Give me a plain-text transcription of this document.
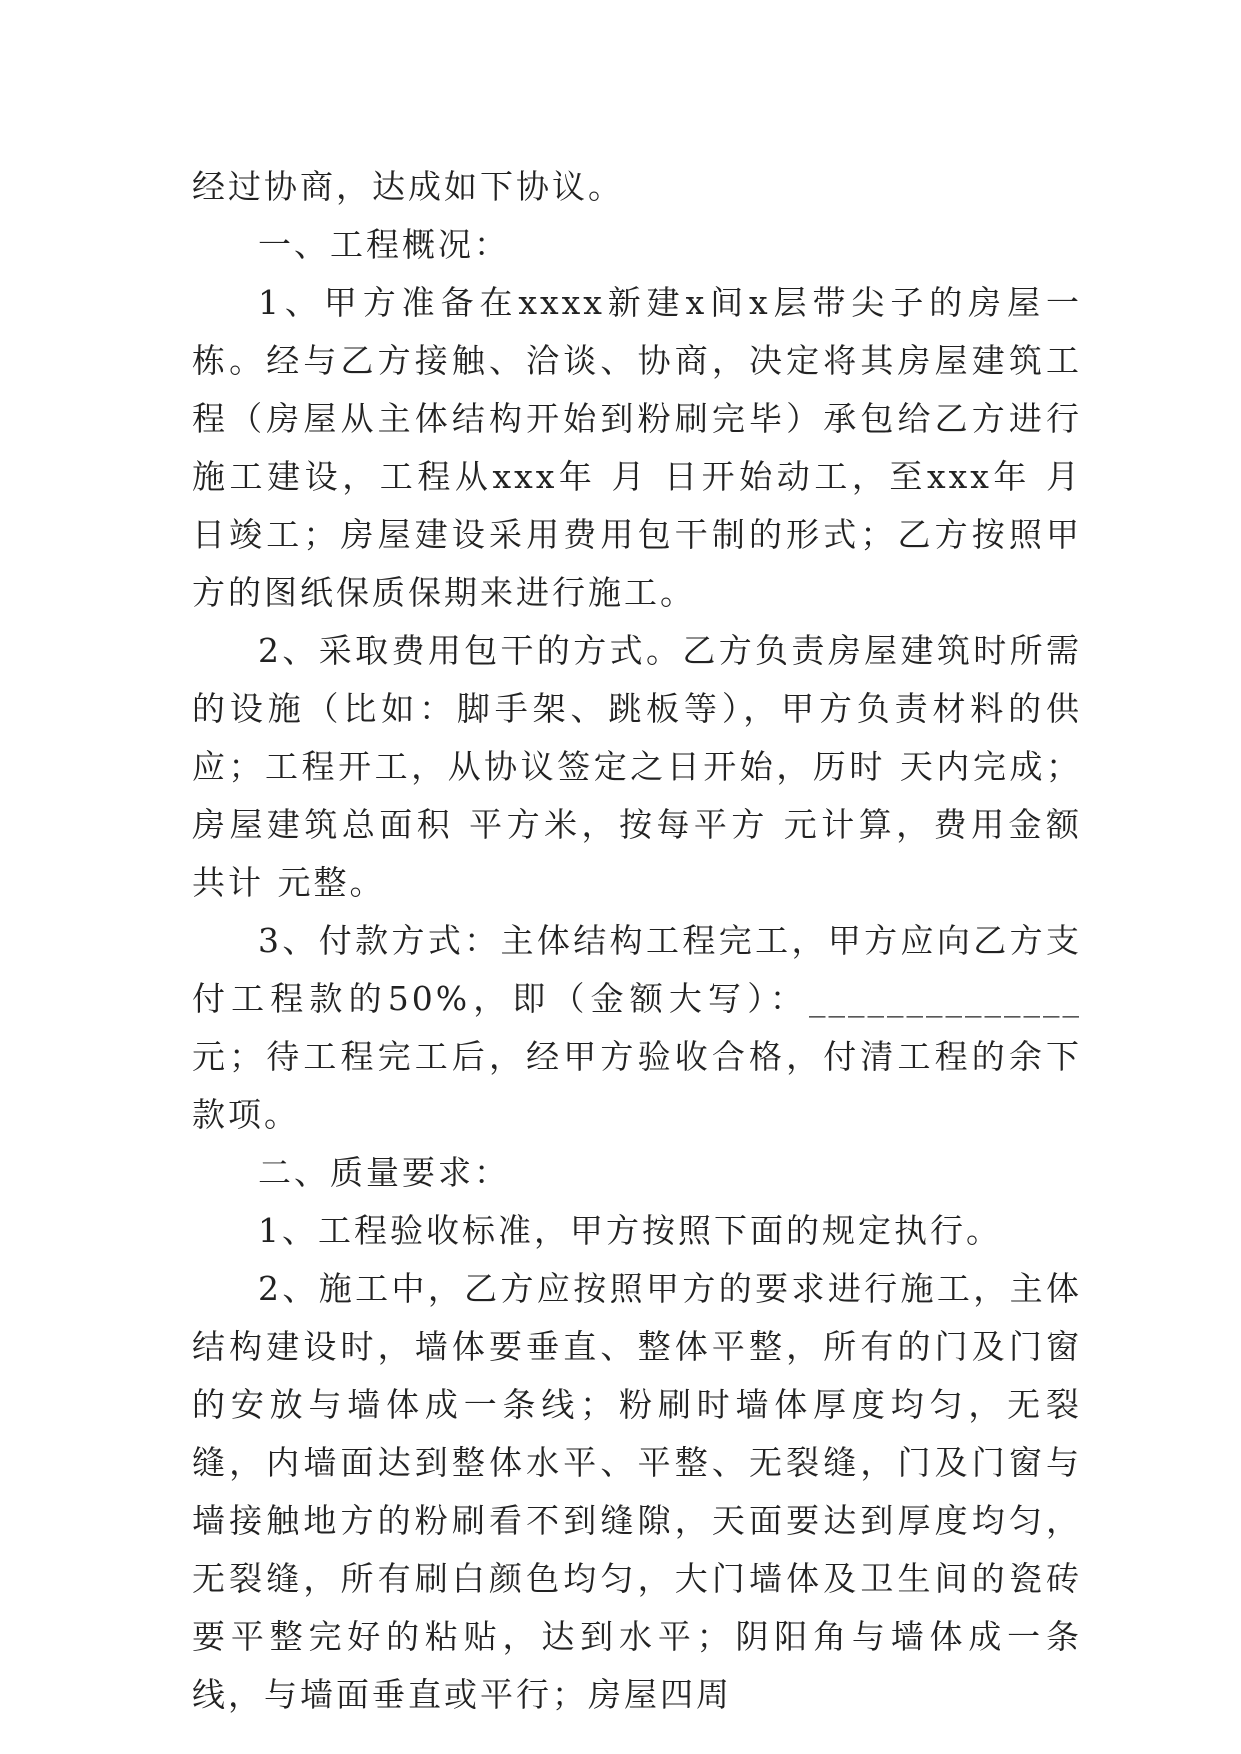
经过协商，达成如下协议。

一、工程概况：

1、甲方准备在xxxx新建x间x层带尖子的房屋一栋。经与乙方接触、洽谈、协商，决定将其房屋建筑工程（房屋从主体结构开始到粉刷完毕）承包给乙方进行施工建设，工程从xxx年 月 日开始动工，至xxx年 月 日竣工；房屋建设采用费用包干制的形式；乙方按照甲方的图纸保质保期来进行施工。

2、采取费用包干的方式。乙方负责房屋建筑时所需的设施（比如：脚手架、跳板等），甲方负责材料的供应；工程开工，从协议签定之日开始，历时 天内完成；房屋建筑总面积 平方米，按每平方 元计算，费用金额共计 元整。

3、付款方式：主体结构工程完工，甲方应向乙方支付工程款的50%，即（金额大写）：______________元；待工程完工后，经甲方验收合格，付清工程的余下款项。

二、质量要求：

1、工程验收标准，甲方按照下面的规定执行。

2、施工中，乙方应按照甲方的要求进行施工，主体结构建设时，墙体要垂直、整体平整，所有的门及门窗的安放与墙体成一条线；粉刷时墙体厚度均匀，无裂缝，内墙面达到整体水平、平整、无裂缝，门及门窗与墙接触地方的粉刷看不到缝隙，天面要达到厚度均匀，无裂缝，所有刷白颜色均匀，大门墙体及卫生间的瓷砖要平整完好的粘贴，达到水平；阴阳角与墙体成一条线，与墙面垂直或平行；房屋四周
